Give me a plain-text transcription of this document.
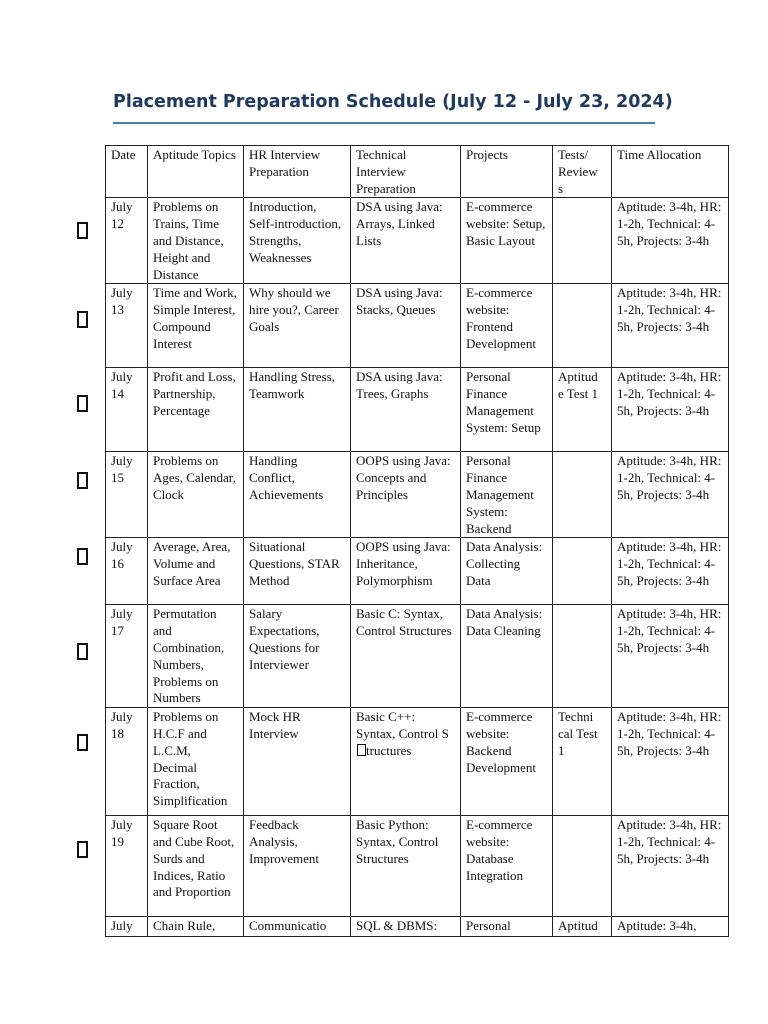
Placement Preparation Schedule (July 12 - July 23, 2024)
Date	Aptitude Topics	HR Interview Preparation	Technical Interview Preparation	Projects	Tests/ Review s	Time Allocation
July 12	Problems on Trains, Time and Distance, Height and Distance	Introduction, Self-introduction, Strengths, Weaknesses	DSA using Java: Arrays, Linked Lists	E-commerce website: Setup, Basic Layout		Aptitude: 3-4h, HR: 1-2h, Technical: 4-5h, Projects: 3-4h
July 13	Time and Work, Simple Interest, Compound Interest	Why should we hire you?, Career Goals	DSA using Java: Stacks, Queues	E-commerce website: Frontend Development		Aptitude: 3-4h, HR: 1-2h, Technical: 4-5h, Projects: 3-4h
July 14	Profit and Loss, Partnership, Percentage	Handling Stress, Teamwork	DSA using Java: Trees, Graphs	Personal Finance Management System: Setup	Aptitud e Test 1	Aptitude: 3-4h, HR: 1-2h, Technical: 4-5h, Projects: 3-4h
July 15	Problems on Ages, Calendar, Clock	Handling Conflict, Achievements	OOPS using Java: Concepts and Principles	Personal Finance Management System: Backend		Aptitude: 3-4h, HR: 1-2h, Technical: 4-5h, Projects: 3-4h
July 16	Average, Area, Volume and Surface Area	Situational Questions, STAR Method	OOPS using Java: Inheritance, Polymorphism	Data Analysis: Collecting Data		Aptitude: 3-4h, HR: 1-2h, Technical: 4-5h, Projects: 3-4h
July 17	Permutation and Combination, Numbers, Problems on Numbers	Salary Expectations, Questions for Interviewer	Basic C: Syntax, Control Structures	Data Analysis: Data Cleaning		Aptitude: 3-4h, HR: 1-2h, Technical: 4-5h, Projects: 3-4h
July 18	Problems on H.C.F and L.C.M, Decimal Fraction, Simplification	Mock HR Interview	Basic C++: Syntax, Control Structures	E-commerce website: Backend Development	Techni cal Test 1	Aptitude: 3-4h, HR: 1-2h, Technical: 4-5h, Projects: 3-4h
July 19	Square Root and Cube Root, Surds and Indices, Ratio and Proportion	Feedback Analysis, Improvement	Basic Python: Syntax, Control Structures	E-commerce website: Database Integration		Aptitude: 3-4h, HR: 1-2h, Technical: 4-5h, Projects: 3-4h
July	Chain Rule,	Communicatio	SQL & DBMS:	Personal	Aptitud	Aptitude: 3-4h,
